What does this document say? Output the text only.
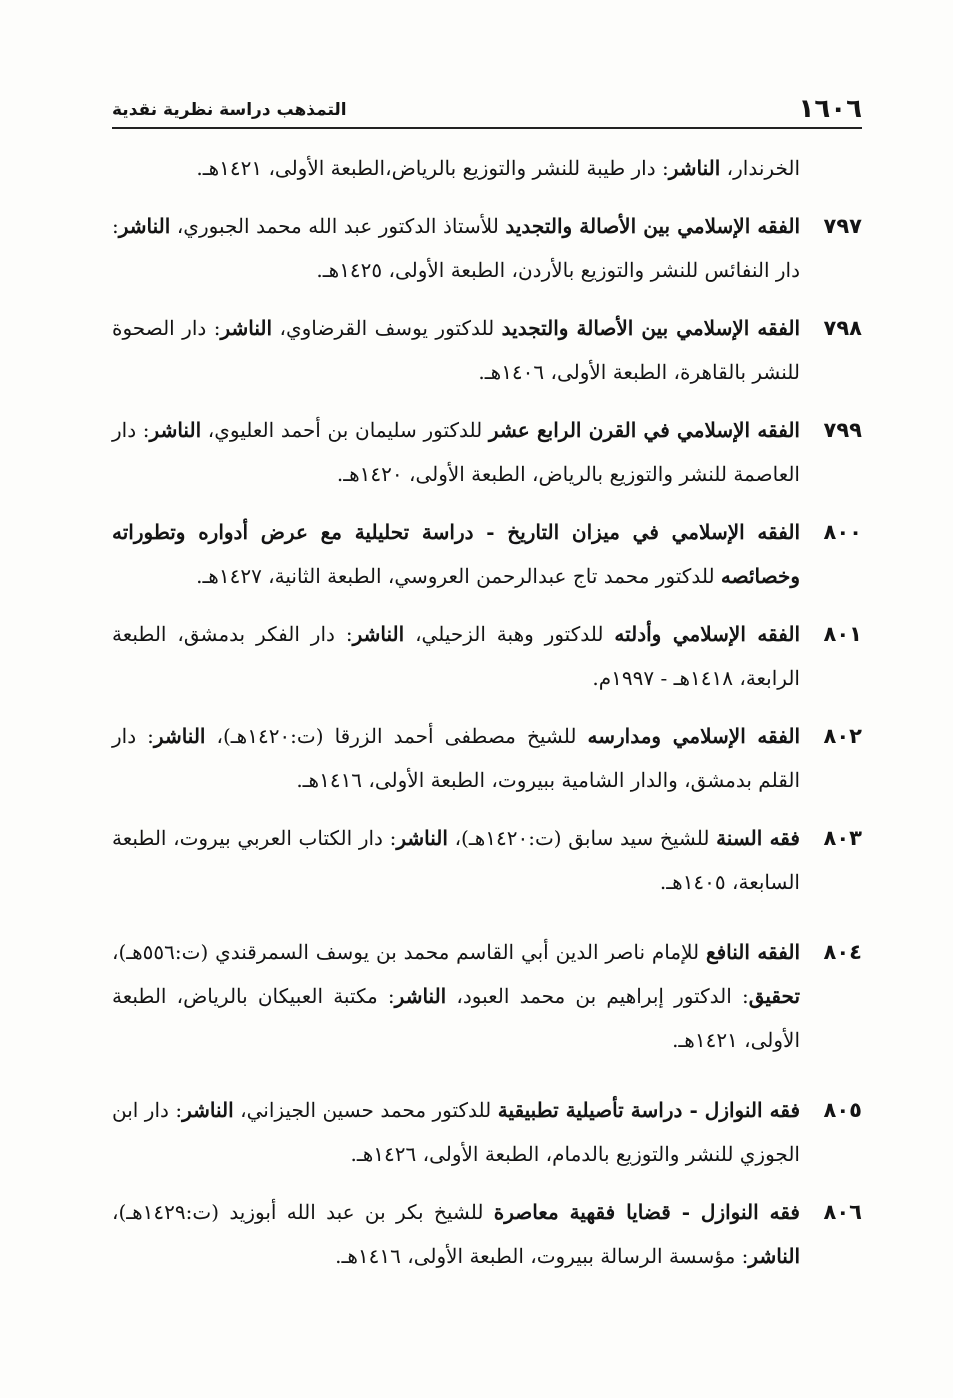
١٦٠٦
التمذهب دراسة نظرية نقدية
الخرندار، الناشر: دار طيبة للنشر والتوزيع بالرياض،الطبعة الأولى، ١٤٢١هـ.
٧٩٧
الفقه الإسلامي بين الأصالة والتجديد للأستاذ الدكتور عبد الله محمد الجبوري، الناشر: دار النفائس للنشر والتوزيع بالأردن، الطبعة الأولى، ١٤٢٥هـ.
٧٩٨
الفقه الإسلامي بين الأصالة والتجديد للدكتور يوسف القرضاوي، الناشر: دار الصحوة للنشر بالقاهرة، الطبعة الأولى، ١٤٠٦هـ.
٧٩٩
الفقه الإسلامي في القرن الرابع عشر للدكتور سليمان بن أحمد العليوي، الناشر: دار العاصمة للنشر والتوزيع بالرياض، الطبعة الأولى، ١٤٢٠هـ.
٨٠٠
الفقه الإسلامي في ميزان التاريخ - دراسة تحليلية مع عرض أدواره وتطوراته وخصائصه للدكتور محمد تاج عبدالرحمن العروسي، الطبعة الثانية، ١٤٢٧هـ.
٨٠١
الفقه الإسلامي وأدلته للدكتور وهبة الزحيلي، الناشر: دار الفكر بدمشق، الطبعة الرابعة، ١٤١٨هـ - ١٩٩٧م.
٨٠٢
الفقه الإسلامي ومدارسه للشيخ مصطفى أحمد الزرقا (ت:١٤٢٠هـ)، الناشر: دار القلم بدمشق، والدار الشامية ببيروت، الطبعة الأولى، ١٤١٦هـ.
٨٠٣
فقه السنة للشيخ سيد سابق (ت:١٤٢٠هـ)، الناشر: دار الكتاب العربي بيروت، الطبعة السابعة، ١٤٠٥هـ.
٨٠٤
الفقه النافع للإمام ناصر الدين أبي القاسم محمد بن يوسف السمرقندي (ت:٥٥٦هـ)، تحقيق: الدكتور إبراهيم بن محمد العبود، الناشر: مكتبة العبيكان بالرياض، الطبعة الأولى، ١٤٢١هـ.
٨٠٥
فقه النوازل - دراسة تأصيلية تطبيقية للدكتور محمد حسين الجيزاني، الناشر: دار ابن الجوزي للنشر والتوزيع بالدمام، الطبعة الأولى، ١٤٢٦هـ.
٨٠٦
فقه النوازل - قضايا فقهية معاصرة للشيخ بكر بن عبد الله أبوزيد (ت:١٤٢٩هـ)، الناشر: مؤسسة الرسالة ببيروت، الطبعة الأولى، ١٤١٦هـ.
